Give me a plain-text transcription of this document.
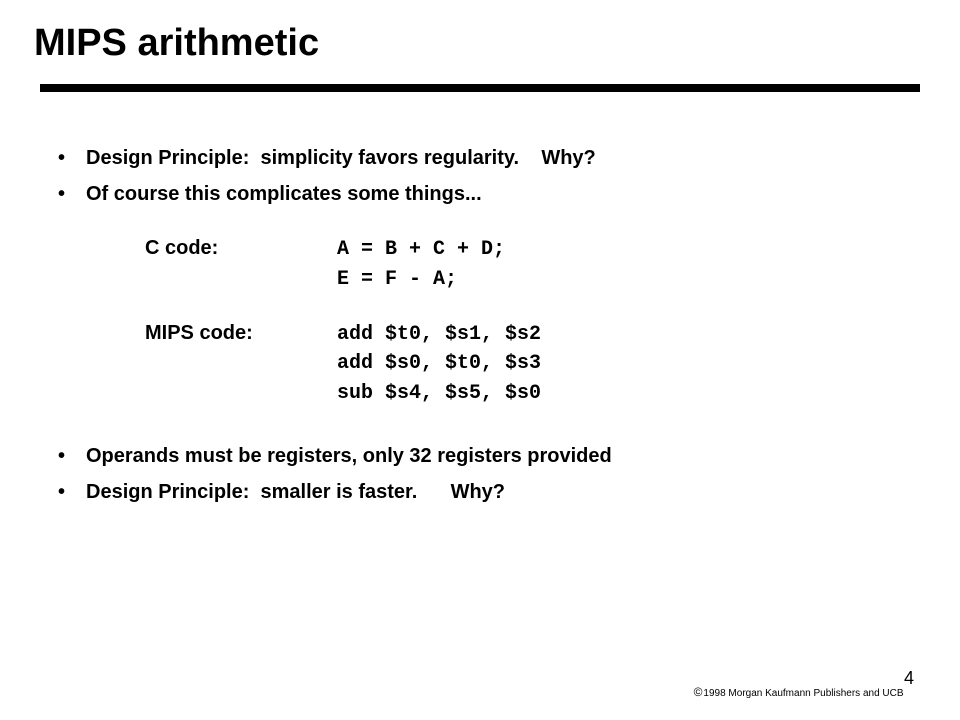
MIPS arithmetic

•

Design Principle:  simplicity favors regularity.    Why?

•

Of course this complicates some things...

C code:	A = B + C + D;
E = F - A;
MIPS code:	add $t0, $s1, $s2
add $s0, $t0, $s3
sub $s4, $s5, $s0

•

Operands must be registers, only 32 registers provided

•

Design Principle:  smaller is faster.      Why?

©1998 Morgan Kaufmann Publishers and UCB

4
